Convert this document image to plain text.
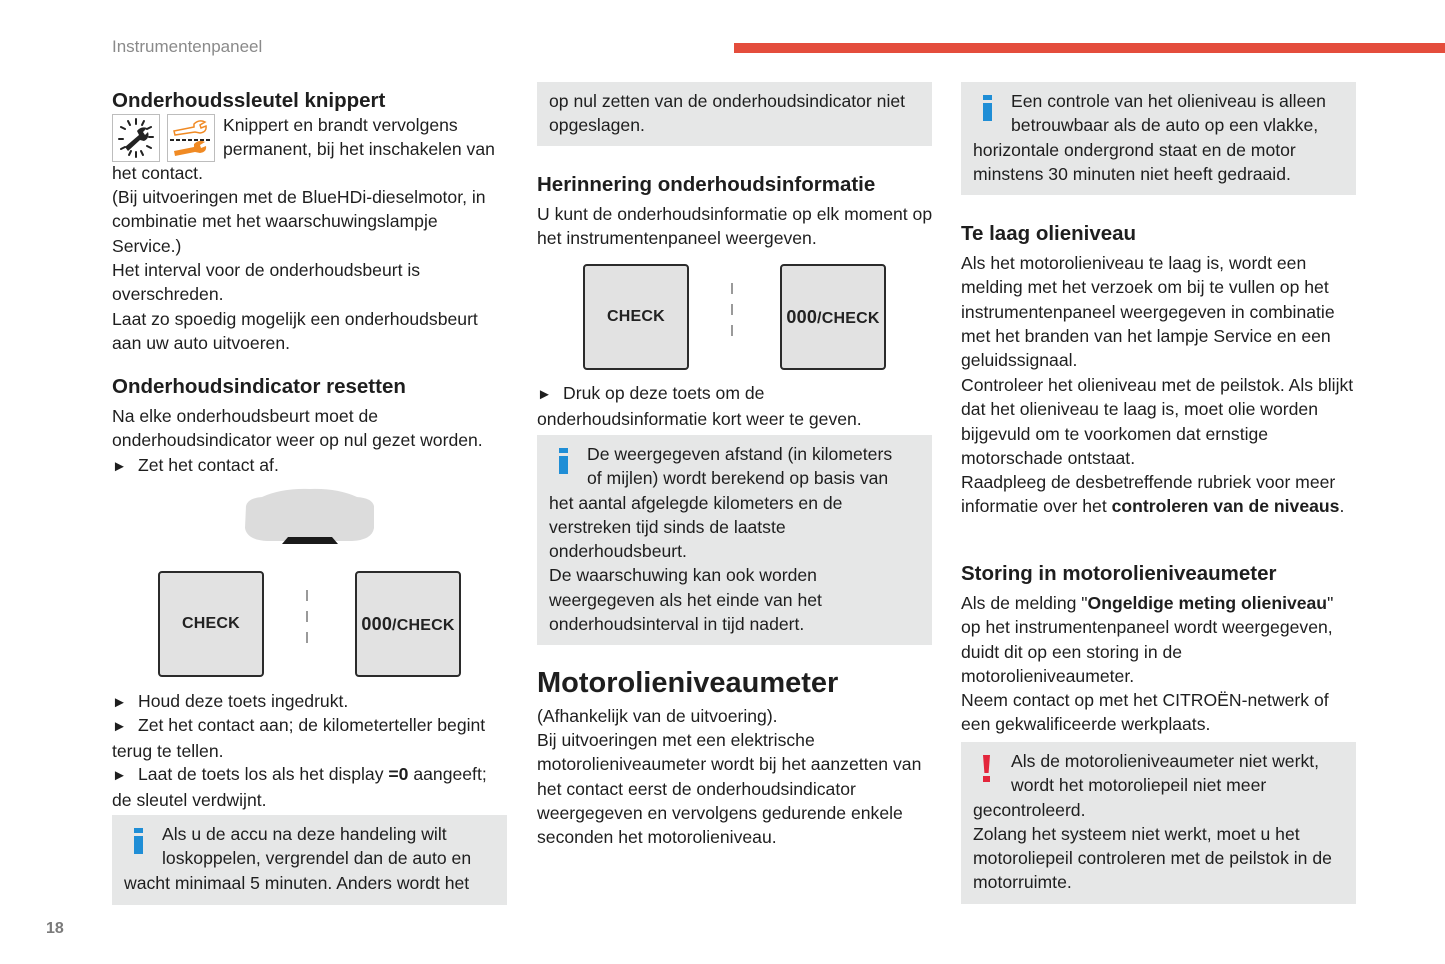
Instrumentenpaneel
18

Onderhoudssleutel knippert

Knippert en brandt vervolgens

permanent, bij het inschakelen van

het contact.

(Bij uitvoeringen met de BlueHDi-dieselmotor, in combinatie met het waarschuwingslampje Service.)

Het interval voor de onderhoudsbeurt is overschreden.

Laat zo spoedig mogelijk een onderhoudsbeurt aan uw auto uitvoeren.

Onderhoudsindicator resetten

Na elke onderhoudsbeurt moet de onderhoudsindicator weer op nul gezet worden.

► Zet het contact af.

CHECK	000/CHECK

► Houd deze toets ingedrukt.

► Zet het contact aan; de kilometerteller begint terug te tellen.

► Laat de toets los als het display =0 aangeeft; de sleutel verdwijnt.

Als u de accu na deze handeling wilt

loskoppelen, vergrendel dan de auto en

wacht minimaal 5 minuten. Anders wordt het

op nul zetten van de onderhoudsindicator niet opgeslagen.

Herinnering onderhoudsinformatie

U kunt de onderhoudsinformatie op elk moment op het instrumentenpaneel weergeven.

CHECK	000/CHECK

► Druk op deze toets om de onderhoudsinformatie kort weer te geven.

De weergegeven afstand (in kilometers

of mijlen) wordt berekend op basis van

het aantal afgelegde kilometers en de verstreken tijd sinds de laatste onderhoudsbeurt.

De waarschuwing kan ook worden weergegeven als het einde van het onderhoudsinterval in tijd nadert.

Motorolieniveaumeter

(Afhankelijk van de uitvoering).

Bij uitvoeringen met een elektrische motorolieniveaumeter wordt bij het aanzetten van het contact eerst de onderhoudsindicator weergegeven en vervolgens gedurende enkele seconden het motorolieniveau.

Een controle van het olieniveau is alleen

betrouwbaar als de auto op een vlakke,

horizontale ondergrond staat en de motor minstens 30 minuten niet heeft gedraaid.

Te laag olieniveau

Als het motorolieniveau te laag is, wordt een melding met het verzoek om bij te vullen op het instrumentenpaneel weergegeven in combinatie met het branden van het lampje Service en een geluidssignaal.

Controleer het olieniveau met de peilstok. Als blijkt dat het olieniveau te laag is, moet olie worden bijgevuld om te voorkomen dat ernstige motorschade ontstaat.

Raadpleeg de desbetreffende rubriek voor meer informatie over het controleren van de niveaus.

Storing in motorolieniveaumeter

Als de melding "Ongeldige meting olieniveau" op het instrumentenpaneel wordt weergegeven, duidt dit op een storing in de motorolieniveaumeter.

Neem contact op met het CITROËN-netwerk of een gekwalificeerde werkplaats.

Als de motorolieniveaumeter niet werkt,

wordt het motoroliepeil niet meer

gecontroleerd.

Zolang het systeem niet werkt, moet u het motoroliepeil controleren met de peilstok in de motorruimte.
